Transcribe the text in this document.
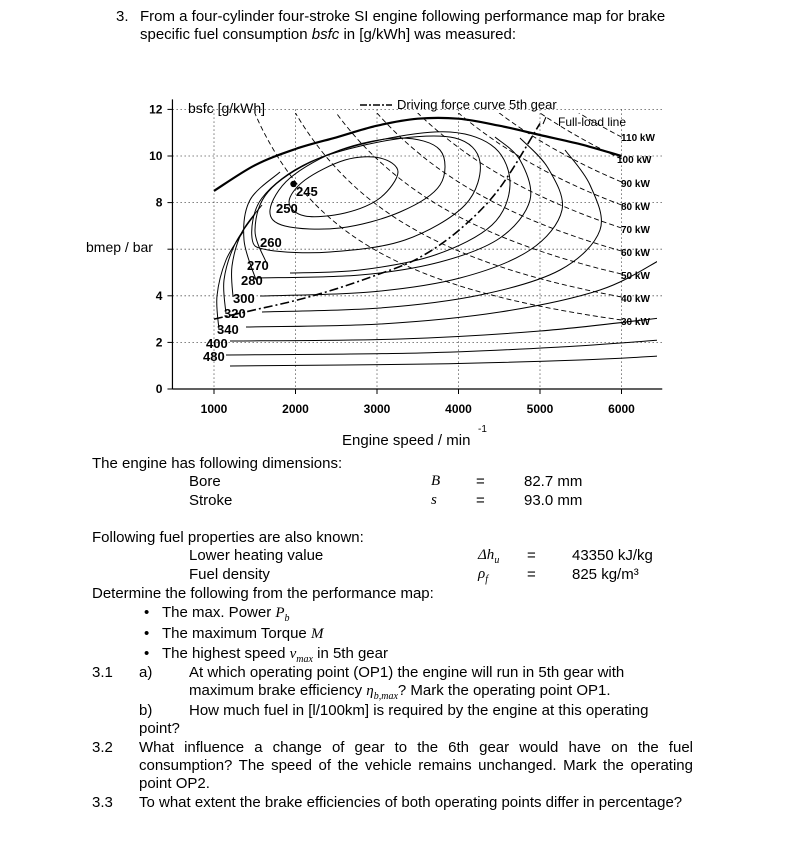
3. From a four-cylinder four-stroke SI engine following performance map for brake
specific fuel consumption bsfc in [g/kWh] was measured:
0
2
4
8
10
12
1000	2000	3000	4000	5000	6000
bsfc [g/kWh]	Driving force curve 5th gear
Full-load line
245
250
260
270
280
300
320
340
400
480
110 kW
100 kW
90 kW
80 kW
70 kW
60 kW
50 kW
40 kW
30 kW
bmep / bar
Engine speed / min
-1
The engine has following dimensions:
Bore	B =	82.7 mm
Stroke	s	=	93.0 mm
Following fuel properties are also known:
Lower heating value	$\Delta h_u = 43350$ kJ/kg
Fuel density	$\rho_f$	= 825 kg/m³
Determine the following from the performance map:
• The max. Power $P_b$
• The maximum Torque M
• The highest speed $v_{max}$ in 5th gear
3.1 a) At which operating point (OP1) the engine will run in 5th gear with
maximum brake efficiency $\eta_{b,max}$? Mark the operating point OP1.
b) How much fuel in [l/100km] is required by the engine at this operating
point?
3.2 What influence a change of gear to the 6th gear would have on the fuel consumption? The speed of the vehicle remains unchanged. Mark the operating point OP2.
3.3 To what extent the brake efficiencies of both operating points differ in percentage?
